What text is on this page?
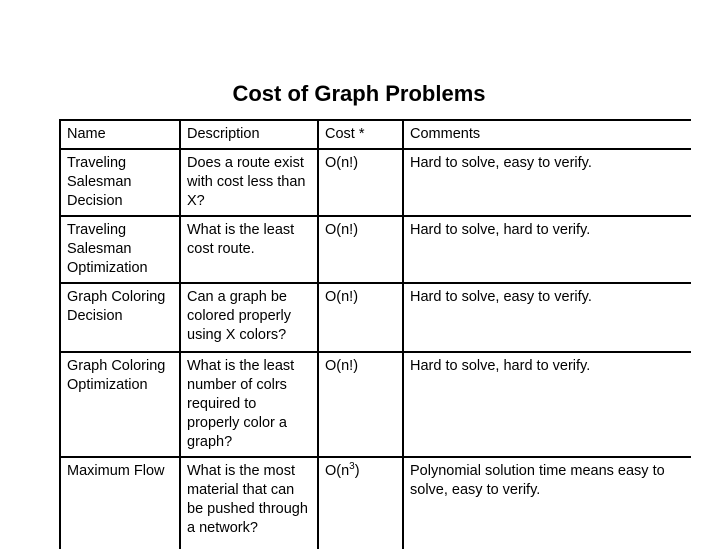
Cost of Graph Problems
Name	Description	Cost *	Comments
Traveling Salesman Decision	Does a route exist with cost less than X?	O(n!)	Hard to solve, easy to verify.
Traveling Salesman Optimization	What is the least cost route.	O(n!)	Hard to solve, hard to verify.
Graph Coloring Decision	Can a graph be colored properly using X colors?	O(n!)	Hard to solve, easy to verify.
Graph Coloring Optimization	What is the least number of colrs required to properly color a graph?	O(n!)	Hard to solve, hard to verify.
Maximum Flow	What is the most material that can be pushed through a network?	$O(n^3)$	Polynomial solution time means easy to solve, easy to verify.
